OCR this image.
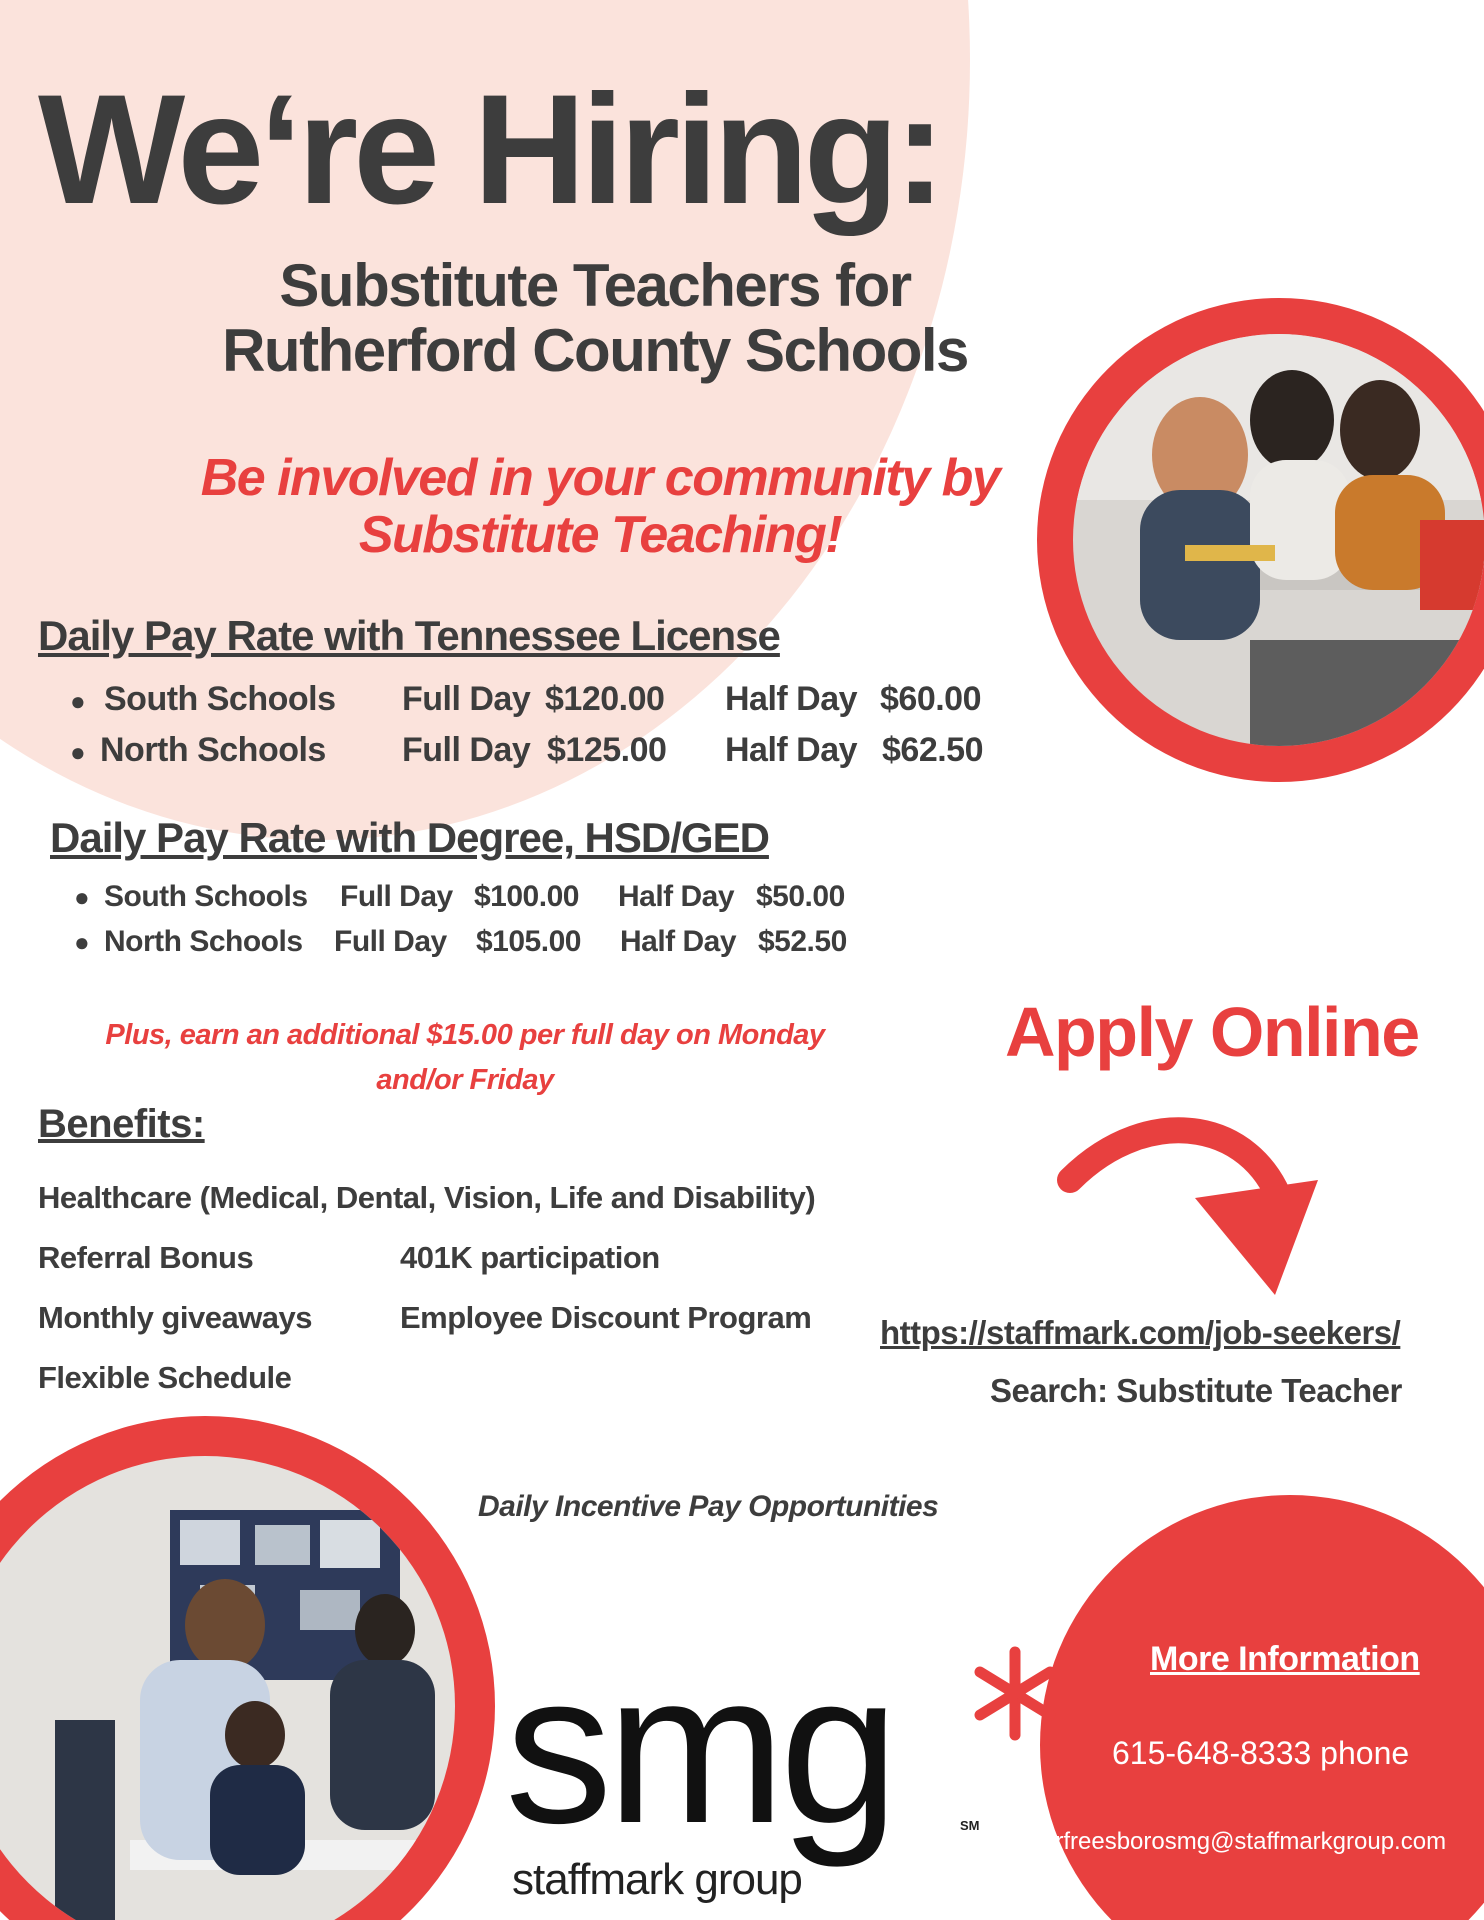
We‘re Hiring:
Substitute Teachers for
Rutherford County Schools
Be involved in your community by
Substitute Teaching!
Daily Pay Rate with Tennessee License
● South Schools Full Day $120.00 Half Day $60.00
● North Schools Full Day $125.00 Half Day $62.50
Daily Pay Rate with Degree, HSD/GED
● South Schools Full Day $100.00 Half Day $50.00
● North Schools Full Day $105.00 Half Day $52.50
Plus, earn an additional $15.00 per full day on Monday
and/or Friday
Benefits:
Healthcare (Medical, Dental, Vision, Life and Disability)
Referral Bonus	401K participation
Monthly giveaways	Employee Discount Program
Flexible Schedule
Apply Online
https://staffmark.com/job-seekers/
Search: Substitute Teacher
Daily Incentive Pay Opportunities
smg
staffmark group
SM
More Information
615-648-8333 phone
murfreesborosmg@staffmarkgroup.com
